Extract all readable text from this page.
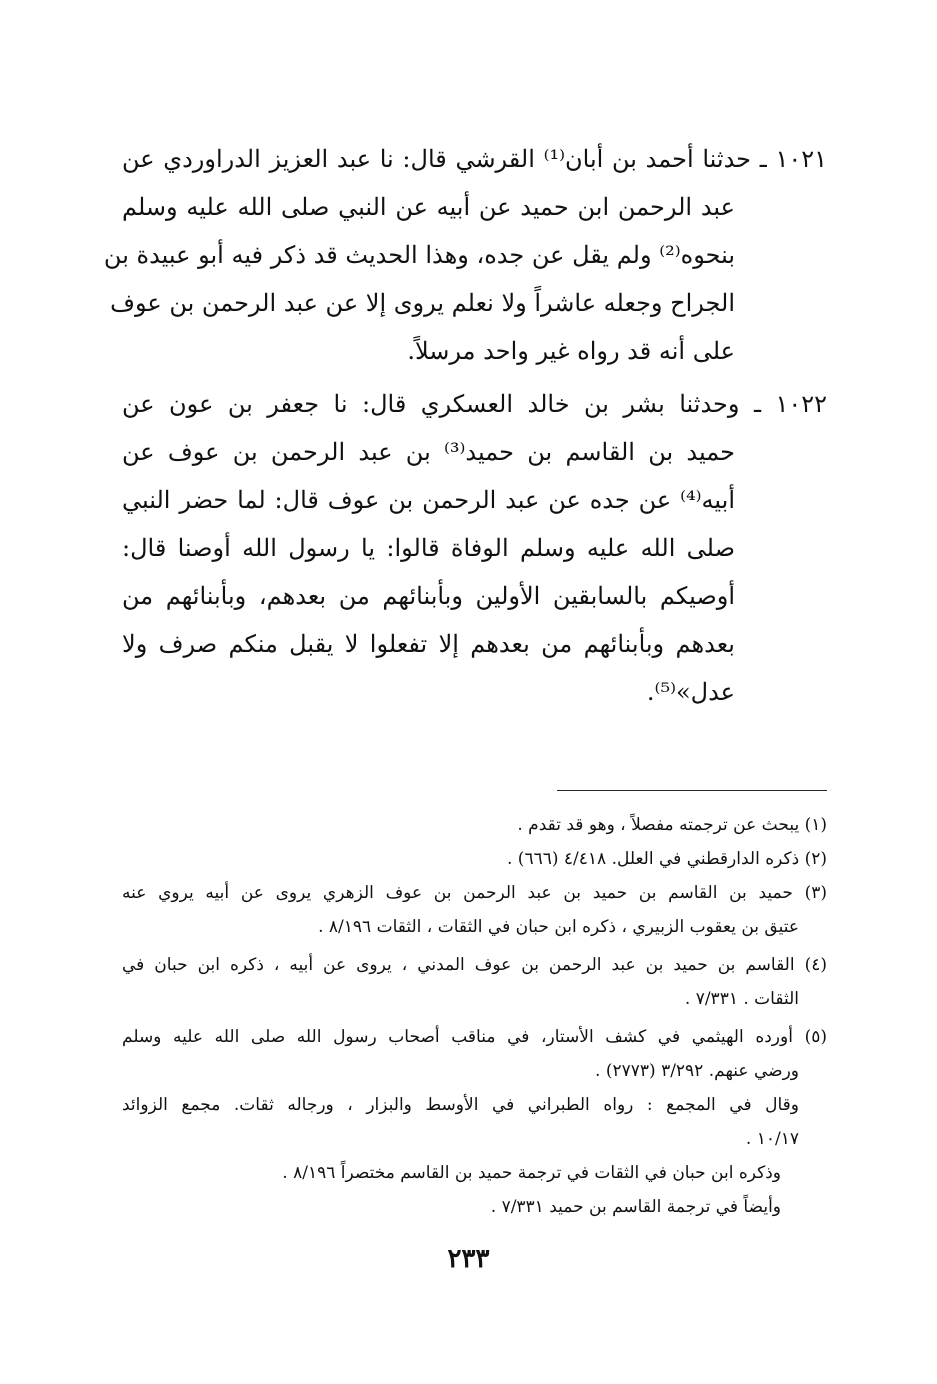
١٠٢١ ـ حدثنا أحمد بن أبان⁽¹⁾ القرشي قال: نا عبد العزيز الدراوردي عن
عبد الرحمن ابن حميد عن أبيه عن النبي صلى الله عليه وسلم
بنحوه⁽²⁾ ولم يقل عن جده، وهذا الحديث قد ذكر فيه أبو عبيدة بن
الجراح وجعله عاشراً ولا نعلم يروى إلا عن عبد الرحمن بن عوف
على أنه قد رواه غير واحد مرسلاً.
١٠٢٢ ـ وحدثنا بشر بن خالد العسكري قال: نا جعفر بن عون عن
حميد بن القاسم بن حميد⁽³⁾ بن عبد الرحمن بن عوف عن
أبيه⁽⁴⁾ عن جده عن عبد الرحمن بن عوف قال: لما حضر النبي
صلى الله عليه وسلم الوفاة قالوا: يا رسول الله أوصنا قال:
أوصيكم بالسابقين الأولين وبأبنائهم من بعدهم، وبأبنائهم من
بعدهم وبأبنائهم من بعدهم إلا تفعلوا لا يقبل منكم صرف ولا
عدل»⁽⁵⁾.
(١) يبحث عن ترجمته مفصلاً ، وهو قد تقدم .
(٢) ذكره الدارقطني في العلل. ٤/٤١٨ (٦٦٦) .
(٣) حميد بن القاسم بن حميد بن عبد الرحمن بن عوف الزهري يروى عن أبيه يروي عنه
عتيق بن يعقوب الزبيري ، ذكره ابن حبان في الثقات ، الثقات ٨/١٩٦ .
(٤) القاسم بن حميد بن عبد الرحمن بن عوف المدني ، يروى عن أبيه ، ذكره ابن حبان في
الثقات . ٧/٣٣١ .
(٥) أورده الهيثمي في كشف الأستار، في مناقب أصحاب رسول الله صلى الله عليه وسلم
ورضي عنهم. ٣/٢٩٢ (٢٧٧٣) .
وقال في المجمع : رواه الطبراني في الأوسط والبزار ، ورجاله ثقات. مجمع الزوائد
١٠/١٧ .
وذكره ابن حبان في الثقات في ترجمة حميد بن القاسم مختصراً ٨/١٩٦ .
وأيضاً في ترجمة القاسم بن حميد ٧/٣٣١ .
٢٣٣
